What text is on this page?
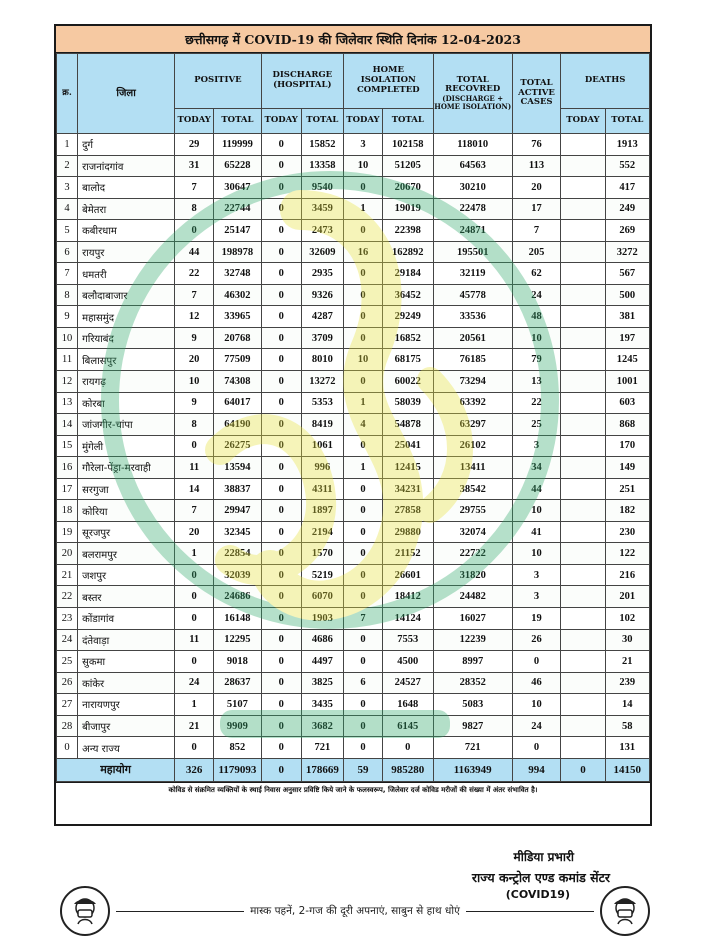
छत्तीसगढ़ में COVID-19 की जिलेवार स्थिति दिनांक 12-04-2023
क्र.	जिला	POSITIVE		DISCHARGE (HOSPITAL)		HOME ISOLATION COMPLETED		TOTAL RECOVRED
(DISCHARGE + HOME ISOLATION)	TOTAL ACTIVE CASES	DEATHS	
		TODAY	TOTAL	TODAY	TOTAL	TODAY	TOTAL			TODAY	TOTAL
1	दुर्ग	29	119999	0	15852	3	102158	118010	76		1913
2	राजनांदगांव	31	65228	0	13358	10	51205	64563	113		552
3	बालोद	7	30647	0	9540	0	20670	30210	20		417
4	बेमेतरा	8	22744	0	3459	1	19019	22478	17		249
5	कबीरधाम	0	25147	0	2473	0	22398	24871	7		269
6	रायपुर	44	198978	0	32609	16	162892	195501	205		3272
7	धमतरी	22	32748	0	2935	0	29184	32119	62		567
8	बलौदाबाजार	7	46302	0	9326	0	36452	45778	24		500
9	महासमुंद	12	33965	0	4287	0	29249	33536	48		381
10	गरियाबंद	9	20768	0	3709	0	16852	20561	10		197
11	बिलासपुर	20	77509	0	8010	10	68175	76185	79		1245
12	रायगढ़	10	74308	0	13272	0	60022	73294	13		1001
13	कोरबा	9	64017	0	5353	1	58039	63392	22		603
14	जांजगीर-चांपा	8	64190	0	8419	4	54878	63297	25		868
15	मुंगेली	0	26275	0	1061	0	25041	26102	3		170
16	गौरेला-पेंड्रा-मरवाही	11	13594	0	996	1	12415	13411	34		149
17	सरगुजा	14	38837	0	4311	0	34231	38542	44		251
18	कोरिया	7	29947	0	1897	0	27858	29755	10		182
19	सूरजपुर	20	32345	0	2194	0	29880	32074	41		230
20	बलरामपुर	1	22854	0	1570	0	21152	22722	10		122
21	जशपुर	0	32039	0	5219	0	26601	31820	3		216
22	बस्तर	0	24686	0	6070	0	18412	24482	3		201
23	कोंडागांव	0	16148	0	1903	7	14124	16027	19		102
24	दंतेवाड़ा	11	12295	0	4686	0	7553	12239	26		30
25	सुकमा	0	9018	0	4497	0	4500	8997	0		21
26	कांकेर	24	28637	0	3825	6	24527	28352	46		239
27	नारायणपुर	1	5107	0	3435	0	1648	5083	10		14
28	बीजापुर	21	9909	0	3682	0	6145	9827	24		58
0	अन्य राज्य	0	852	0	721	0	0	721	0		131
महायोग		326	1179093	0	178669	59	985280	1163949	994	0	14150
कोविड से संक्रमित व्यक्तियों के स्थाई निवास अनुसार प्रविष्टि किये जाने के फलस्वरूप, जिलेवार दर्ज कोविड मरीजों की संख्या में अंतर संभावित है।
मीडिया प्रभारी
राज्य कन्ट्रोल एण्ड कमांड सेंटर
(COVID19)
मास्क पहनें, 2-गज की दूरी अपनाएं, साबुन से हाथ धोएं
